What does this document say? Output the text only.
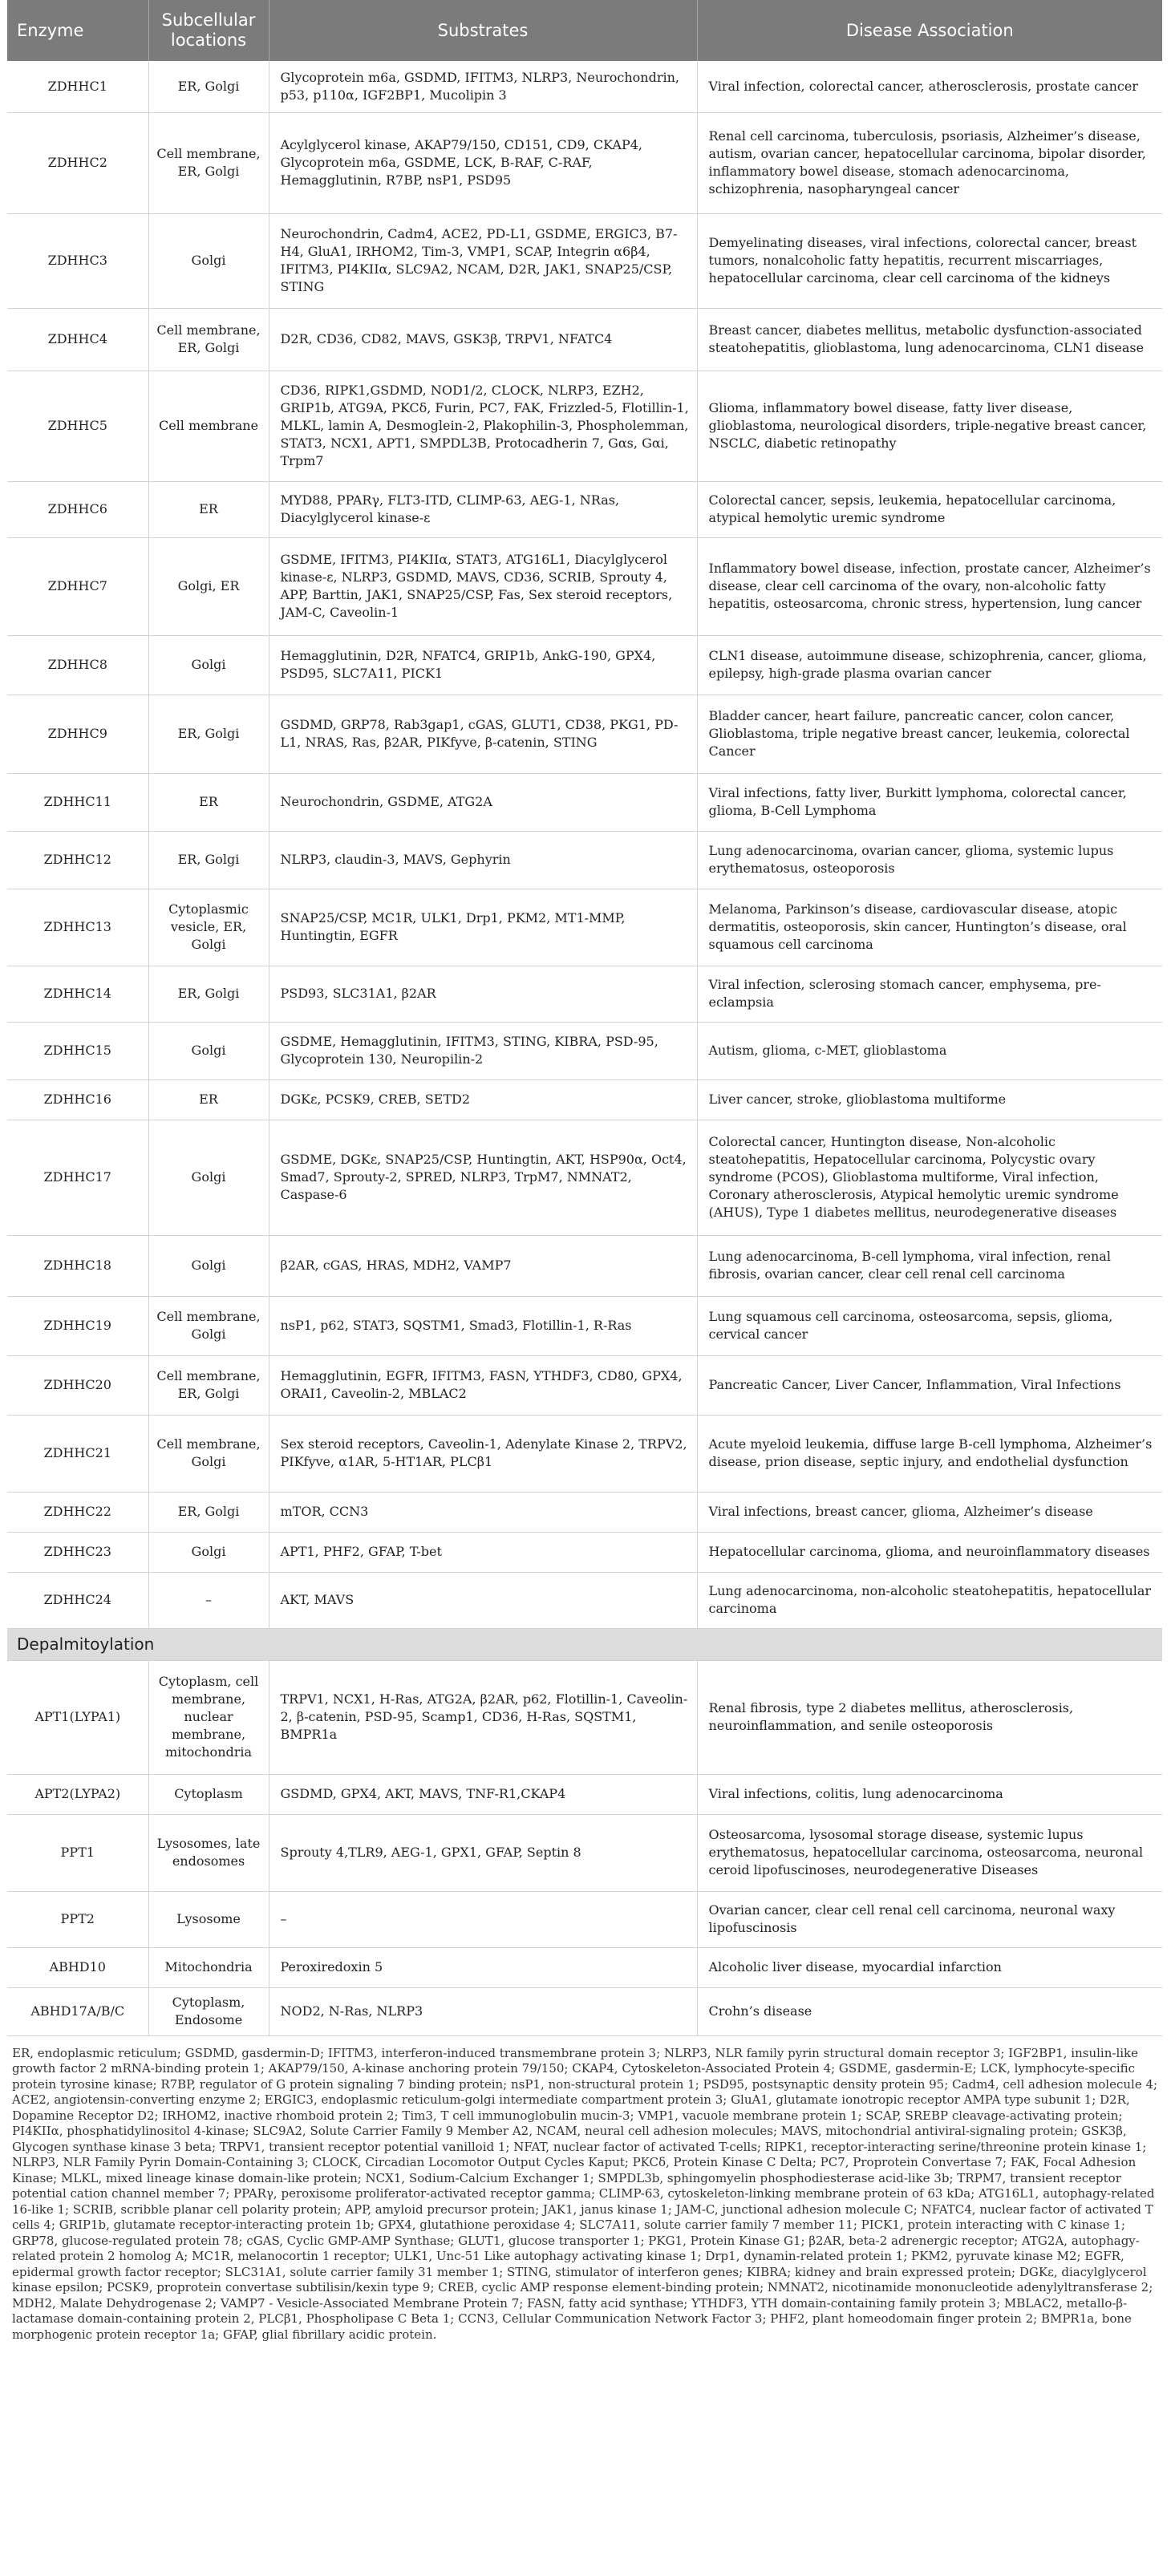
Enzyme	Subcellular locations	Substrates	Disease Association
ZDHHC1	ER, Golgi	Glycoprotein m6a, GSDMD, IFITM3, NLRP3, Neurochondrin, p53, p110α, IGF2BP1, Mucolipin 3	Viral infection, colorectal cancer, atherosclerosis, prostate cancer
ZDHHC2	Cell membrane, ER, Golgi	Acylglycerol kinase, AKAP79/150, CD151, CD9, CKAP4, Glycoprotein m6a, GSDME, LCK, B-RAF, C-RAF, Hemagglutinin, R7BP, nsP1, PSD95	Renal cell carcinoma, tuberculosis, psoriasis, Alzheimer’s disease, autism, ovarian cancer, hepatocellular carcinoma, bipolar disorder, inflammatory bowel disease, stomach adenocarcinoma, schizophrenia, nasopharyngeal cancer
ZDHHC3	Golgi	Neurochondrin, Cadm4, ACE2, PD-L1, GSDME, ERGIC3, B7-H4, GluA1, IRHOM2, Tim-3, VMP1, SCAP, Integrin α6β4, IFITM3, PI4KIIα, SLC9A2, NCAM, D2R, JAK1, SNAP25/CSP, STING	Demyelinating diseases, viral infections, colorectal cancer, breast tumors, nonalcoholic fatty hepatitis, recurrent miscarriages, hepatocellular carcinoma, clear cell carcinoma of the kidneys
ZDHHC4	Cell membrane, ER, Golgi	D2R, CD36, CD82, MAVS, GSK3β, TRPV1, NFATC4	Breast cancer, diabetes mellitus, metabolic dysfunction-associated steatohepatitis, glioblastoma, lung adenocarcinoma, CLN1 disease
ZDHHC5	Cell membrane	CD36, RIPK1,GSDMD, NOD1/2, CLOCK, NLRP3, EZH2, GRIP1b, ATG9A, PKCδ, Furin, PC7, FAK, Frizzled-5, Flotillin-1, MLKL, lamin A, Desmoglein-2, Plakophilin-3, Phospholemman, STAT3, NCX1, APT1, SMPDL3B, Protocadherin 7, Gαs, Gαi, Trpm7	Glioma, inflammatory bowel disease, fatty liver disease, glioblastoma, neurological disorders, triple-negative breast cancer, NSCLC, diabetic retinopathy
ZDHHC6	ER	MYD88, PPARγ, FLT3-ITD, CLIMP-63, AEG-1, NRas, Diacylglycerol kinase-ε	Colorectal cancer, sepsis, leukemia, hepatocellular carcinoma, atypical hemolytic uremic syndrome
ZDHHC7	Golgi, ER	GSDME, IFITM3, PI4KIIα, STAT3, ATG16L1, Diacylglycerol kinase-ε, NLRP3, GSDMD, MAVS, CD36, SCRIB, Sprouty 4, APP, Barttin, JAK1, SNAP25/CSP, Fas, Sex steroid receptors, JAM-C, Caveolin-1	Inflammatory bowel disease, infection, prostate cancer, Alzheimer’s disease, clear cell carcinoma of the ovary, non-alcoholic fatty hepatitis, osteosarcoma, chronic stress, hypertension, lung cancer
ZDHHC8	Golgi	Hemagglutinin, D2R, NFATC4, GRIP1b, AnkG-190, GPX4, PSD95, SLC7A11, PICK1	CLN1 disease, autoimmune disease, schizophrenia, cancer, glioma, epilepsy, high-grade plasma ovarian cancer
ZDHHC9	ER, Golgi	GSDMD, GRP78, Rab3gap1, cGAS, GLUT1, CD38, PKG1, PD-L1, NRAS, Ras, β2AR, PIKfyve, β-catenin, STING	Bladder cancer, heart failure, pancreatic cancer, colon cancer, Glioblastoma, triple negative breast cancer, leukemia, colorectal Cancer
ZDHHC11	ER	Neurochondrin, GSDME, ATG2A	Viral infections, fatty liver, Burkitt lymphoma, colorectal cancer, glioma, B-Cell Lymphoma
ZDHHC12	ER, Golgi	NLRP3, claudin-3, MAVS, Gephyrin	Lung adenocarcinoma, ovarian cancer, glioma, systemic lupus erythematosus, osteoporosis
ZDHHC13	Cytoplasmic vesicle, ER, Golgi	SNAP25/CSP, MC1R, ULK1, Drp1, PKM2, MT1-MMP, Huntingtin, EGFR	Melanoma, Parkinson’s disease, cardiovascular disease, atopic dermatitis, osteoporosis, skin cancer, Huntington’s disease, oral squamous cell carcinoma
ZDHHC14	ER, Golgi	PSD93, SLC31A1, β2AR	Viral infection, sclerosing stomach cancer, emphysema, pre-eclampsia
ZDHHC15	Golgi	GSDME, Hemagglutinin, IFITM3, STING, KIBRA, PSD-95, Glycoprotein 130, Neuropilin-2	Autism, glioma, c-MET, glioblastoma
ZDHHC16	ER	DGKε, PCSK9, CREB, SETD2	Liver cancer, stroke, glioblastoma multiforme
ZDHHC17	Golgi	GSDME, DGKε, SNAP25/CSP, Huntingtin, AKT, HSP90α, Oct4, Smad7, Sprouty-2, SPRED, NLRP3, TrpM7, NMNAT2, Caspase-6	Colorectal cancer, Huntington disease, Non-alcoholic steatohepatitis, Hepatocellular carcinoma, Polycystic ovary syndrome (PCOS), Glioblastoma multiforme, Viral infection, Coronary atherosclerosis, Atypical hemolytic uremic syndrome (AHUS), Type 1 diabetes mellitus, neurodegenerative diseases
ZDHHC18	Golgi	β2AR, cGAS, HRAS, MDH2, VAMP7	Lung adenocarcinoma, B-cell lymphoma, viral infection, renal fibrosis, ovarian cancer, clear cell renal cell carcinoma
ZDHHC19	Cell membrane, Golgi	nsP1, p62, STAT3, SQSTM1, Smad3, Flotillin-1, R-Ras	Lung squamous cell carcinoma, osteosarcoma, sepsis, glioma, cervical cancer
ZDHHC20	Cell membrane, ER, Golgi	Hemagglutinin, EGFR, IFITM3, FASN, YTHDF3, CD80, GPX4, ORAI1, Caveolin-2, MBLAC2	Pancreatic Cancer, Liver Cancer, Inflammation, Viral Infections
ZDHHC21	Cell membrane, Golgi	Sex steroid receptors, Caveolin-1, Adenylate Kinase 2, TRPV2, PIKfyve, α1AR, 5-HT1AR, PLCβ1	Acute myeloid leukemia, diffuse large B-cell lymphoma, Alzheimer’s disease, prion disease, septic injury, and endothelial dysfunction
ZDHHC22	ER, Golgi	mTOR, CCN3	Viral infections, breast cancer, glioma, Alzheimer’s disease
ZDHHC23	Golgi	APT1, PHF2, GFAP, T-bet	Hepatocellular carcinoma, glioma, and neuroinflammatory diseases
ZDHHC24	–	AKT, MAVS	Lung adenocarcinoma, non-alcoholic steatohepatitis, hepatocellular carcinoma
Depalmitoylation			
APT1(LYPA1)	Cytoplasm, cell membrane, nuclear membrane, mitochondria	TRPV1, NCX1, H-Ras, ATG2A, β2AR, p62, Flotillin-1, Caveolin-2, β-catenin, PSD-95, Scamp1, CD36, H-Ras, SQSTM1, BMPR1a	Renal fibrosis, type 2 diabetes mellitus, atherosclerosis, neuroinflammation, and senile osteoporosis
APT2(LYPA2)	Cytoplasm	GSDMD, GPX4, AKT, MAVS, TNF-R1,CKAP4	Viral infections, colitis, lung adenocarcinoma
PPT1	Lysosomes, late endosomes	Sprouty 4,TLR9, AEG-1, GPX1, GFAP, Septin 8	Osteosarcoma, lysosomal storage disease, systemic lupus erythematosus, hepatocellular carcinoma, osteosarcoma, neuronal ceroid lipofuscinoses, neurodegenerative Diseases
PPT2	Lysosome	–	Ovarian cancer, clear cell renal cell carcinoma, neuronal waxy lipofuscinosis
ABHD10	Mitochondria	Peroxiredoxin 5	Alcoholic liver disease, myocardial infarction
ABHD17A/B/C	Cytoplasm, Endosome	NOD2, N-Ras, NLRP3	Crohn’s disease
ER, endoplasmic reticulum; GSDMD, gasdermin-D; IFITM3, interferon-induced transmembrane protein 3; NLRP3, NLR family pyrin structural domain receptor 3; IGF2BP1, insulin-like growth factor 2 mRNA-binding protein 1; AKAP79/150, A-kinase anchoring protein 79/150; CKAP4, Cytoskeleton-Associated Protein 4; GSDME, gasdermin-E; LCK, lymphocyte-specific protein tyrosine kinase; R7BP, regulator of G protein signaling 7 binding protein; nsP1, non-structural protein 1; PSD95, postsynaptic density protein 95; Cadm4, cell adhesion molecule 4; ACE2, angiotensin-converting enzyme 2; ERGIC3, endoplasmic reticulum-golgi intermediate compartment protein 3; GluA1, glutamate ionotropic receptor AMPA type subunit 1; D2R, Dopamine Receptor D2; IRHOM2, inactive rhomboid protein 2; Tim3, T cell immunoglobulin mucin-3; VMP1, vacuole membrane protein 1; SCAP, SREBP cleavage-activating protein; PI4KIIα, phosphatidylinositol 4-kinase; SLC9A2, Solute Carrier Family 9 Member A2, NCAM, neural cell adhesion molecules; MAVS, mitochondrial antiviral-signaling protein; GSK3β, Glycogen synthase kinase 3 beta; TRPV1, transient receptor potential vanilloid 1; NFAT, nuclear factor of activated T-cells; RIPK1, receptor-interacting serine/threonine protein kinase 1; NLRP3, NLR Family Pyrin Domain-Containing 3; CLOCK, Circadian Locomotor Output Cycles Kaput; PKCδ, Protein Kinase C Delta; PC7, Proprotein Convertase 7; FAK, Focal Adhesion Kinase; MLKL, mixed lineage kinase domain-like protein; NCX1, Sodium-Calcium Exchanger 1; SMPDL3b, sphingomyelin phosphodiesterase acid-like 3b; TRPM7, transient receptor potential cation channel member 7; PPARγ, peroxisome proliferator-activated receptor gamma; CLIMP-63, cytoskeleton-linking membrane protein of 63 kDa; ATG16L1, autophagy-related 16-like 1; SCRIB, scribble planar cell polarity protein; APP, amyloid precursor protein; JAK1, janus kinase 1; JAM-C, junctional adhesion molecule C; NFATC4, nuclear factor of activated T cells 4; GRIP1b, glutamate receptor-interacting protein 1b; GPX4, glutathione peroxidase 4; SLC7A11, solute carrier family 7 member 11; PICK1, protein interacting with C kinase 1; GRP78, glucose-regulated protein 78; cGAS, Cyclic GMP-AMP Synthase; GLUT1, glucose transporter 1; PKG1, Protein Kinase G1; β2AR, beta-2 adrenergic receptor; ATG2A, autophagy-related protein 2 homolog A; MC1R, melanocortin 1 receptor; ULK1, Unc-51 Like autophagy activating kinase 1; Drp1, dynamin-related protein 1; PKM2, pyruvate kinase M2; EGFR, epidermal growth factor receptor; SLC31A1, solute carrier family 31 member 1; STING, stimulator of interferon genes; KIBRA; kidney and brain expressed protein; DGKε, diacylglycerol kinase epsilon; PCSK9, proprotein convertase subtilisin/kexin type 9; CREB, cyclic AMP response element-binding protein; NMNAT2, nicotinamide mononucleotide adenylyltransferase 2; MDH2, Malate Dehydrogenase 2; VAMP7 - Vesicle-Associated Membrane Protein 7; FASN, fatty acid synthase; YTHDF3, YTH domain-containing family protein 3; MBLAC2, metallo-β-lactamase domain-containing protein 2, PLCβ1, Phospholipase C Beta 1; CCN3, Cellular Communication Network Factor 3; PHF2, plant homeodomain finger protein 2; BMPR1a, bone morphogenic protein receptor 1a; GFAP, glial fibrillary acidic protein.
